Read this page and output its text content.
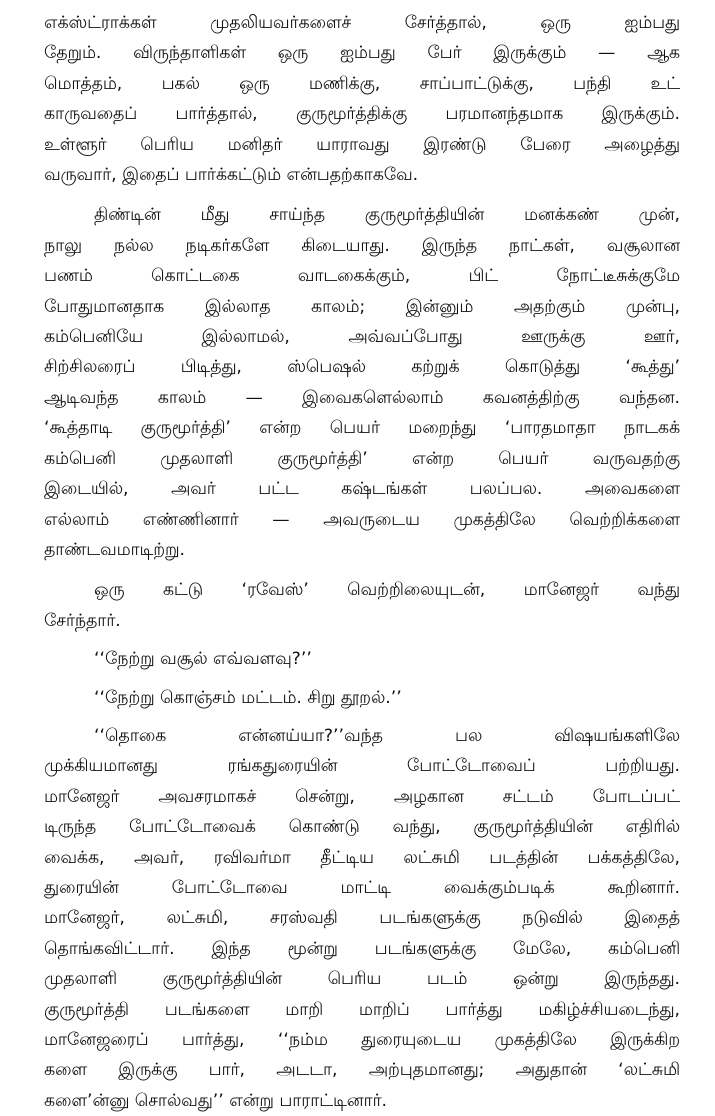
எக்ஸ்ட்ராக்கள் முதலியவர்களைச் சேர்த்தால், ஒரு ஐம்பது
தேறும். விருந்தாளிகள் ஒரு ஐம்பது பேர் இருக்கும் — ஆக
மொத்தம், பகல் ஒரு மணிக்கு, சாப்பாட்டுக்கு, பந்தி உட்
காருவதைப் பார்த்தால், குருமூர்த்திக்கு பரமானந்தமாக இருக்கும்.
உள்ளூர் பெரிய மனிதர் யாராவது இரண்டு பேரை அழைத்து
வருவார், இதைப் பார்க்கட்டும் என்பதற்காகவே.
திண்டின் மீது சாய்ந்த குருமூர்த்தியின் மனக்கண் முன்,
நாலு நல்ல நடிகர்களே கிடையாது. இருந்த நாட்கள், வசூலான
பணம் கொட்டகை வாடகைக்கும், பிட் நோட்டீசுக்குமே
போதுமானதாக இல்லாத காலம்; இன்னும் அதற்கும் முன்பு,
கம்பெனியே இல்லாமல், அவ்வப்போது ஊருக்கு ஊர்,
சிற்சிலரைப் பிடித்து, ஸ்பெஷல் கற்றுக் கொடுத்து ‘கூத்து’
ஆடிவந்த காலம் — இவைகளெல்லாம் கவனத்திற்கு வந்தன.
‘கூத்தாடி குருமூர்த்தி’ என்ற பெயர் மறைந்து ‘பாரதமாதா நாடகக்
கம்பெனி முதலாளி குருமூர்த்தி’ என்ற பெயர் வருவதற்கு
இடையில், அவர் பட்ட கஷ்டங்கள் பலப்பல. அவைகளை
எல்லாம் எண்ணினார் — அவருடைய முகத்திலே வெற்றிக்களை
தாண்டவமாடிற்று.
ஒரு கட்டு ‘ரவேஸ்’ வெற்றிலையுடன், மானேஜர் வந்து
சேர்ந்தார்.
‘‘நேற்று வசூல் எவ்வளவு?’’
‘‘நேற்று கொஞ்சம் மட்டம். சிறு தூறல்.’’
‘‘தொகை என்னய்யா?’’வந்த பல விஷயங்களிலே
முக்கியமானது ரங்கதுரையின் போட்டோவைப் பற்றியது.
மானேஜர் அவசரமாகச் சென்று, அழகான சட்டம் போடப்பட்
டிருந்த போட்டோவைக் கொண்டு வந்து, குருமூர்த்தியின் எதிரில்
வைக்க, அவர், ரவிவர்மா தீட்டிய லட்சுமி படத்தின் பக்கத்திலே,
துரையின் போட்டோவை மாட்டி வைக்கும்படிக் கூறினார்.
மானேஜர், லட்சுமி, சரஸ்வதி படங்களுக்கு நடுவில் இதைத்
தொங்கவிட்டார். இந்த மூன்று படங்களுக்கு மேலே, கம்பெனி
முதலாளி குருமூர்த்தியின் பெரிய படம் ஒன்று இருந்தது.
குருமூர்த்தி படங்களை மாறி மாறிப் பார்த்து மகிழ்ச்சியடைந்து,
மானேஜரைப் பார்த்து, ‘‘நம்ம துரையுடைய முகத்திலே இருக்கிற
களை இருக்கு பார், அடடா, அற்புதமானது; அதுதான் ‘லட்சுமி
களை’ன்னு சொல்வது’’ என்று பாராட்டினார்.
